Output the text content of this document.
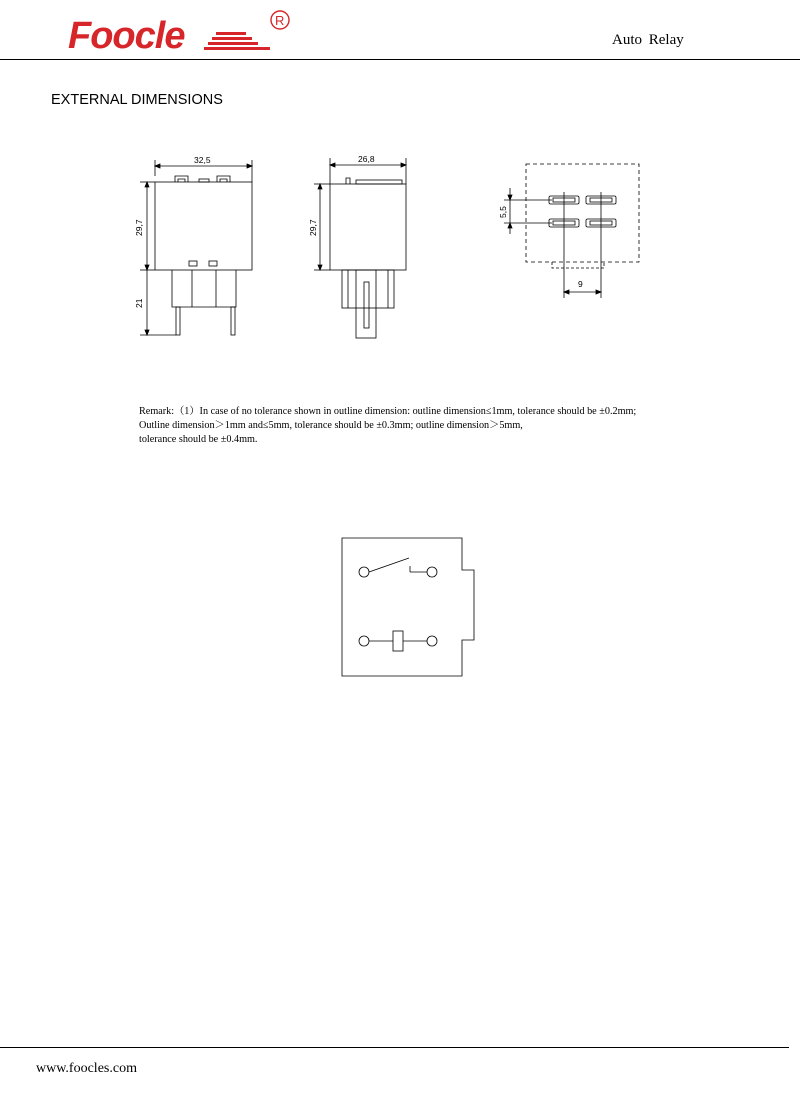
Foocle	R
Auto Relay
EXTERNAL DIMENSIONS
32,5
29,7
21
26,8
29,7
5,5
9

Remark:（1）In case of no tolerance shown in outline dimension: outline dimension≤1mm, tolerance should be ±0.2mm;

Outline dimension＞1mm and≤5mm, tolerance should be ±0.3mm; outline dimension＞5mm,

tolerance should be ±0.4mm.

www.foocles.com
